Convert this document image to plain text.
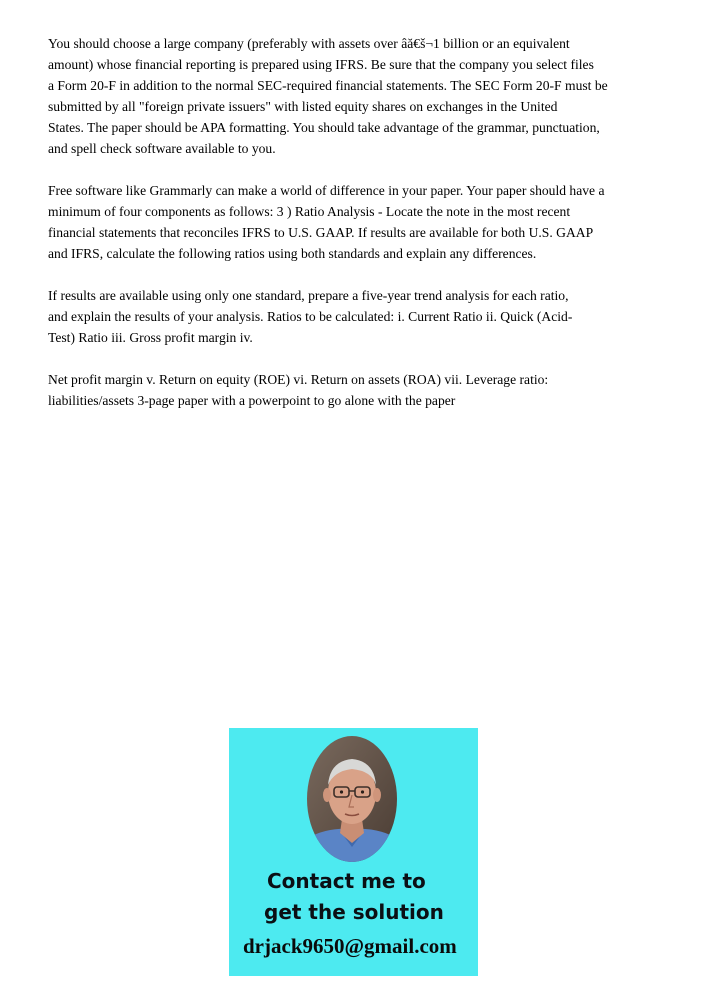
You should choose a large company (preferably with assets over âă€š¬1 billion or an equivalent
amount) whose financial reporting is prepared using IFRS. Be sure that the company you select files
a Form 20-F in addition to the normal SEC-required financial statements. The SEC Form 20-F must be
submitted by all "foreign private issuers" with listed equity shares on exchanges in the United
States. The paper should be APA formatting. You should take advantage of the grammar, punctuation,
and spell check software available to you.

Free software like Grammarly can make a world of difference in your paper. Your paper should have a
minimum of four components as follows: 3 ) Ratio Analysis - Locate the note in the most recent
financial statements that reconciles IFRS to U.S. GAAP. If results are available for both U.S. GAAP
and IFRS, calculate the following ratios using both standards and explain any differences.

If results are available using only one standard, prepare a five-year trend analysis for each ratio,
and explain the results of your analysis. Ratios to be calculated: i. Current Ratio ii. Quick (Acid-
Test) Ratio iii. Gross profit margin iv.

Net profit margin v. Return on equity (ROE) vi. Return on assets (ROA) vii. Leverage ratio:
liabilities/assets 3-page paper with a powerpoint to go alone with the paper

Contact me to
get the solution
drjack9650@gmail.com
